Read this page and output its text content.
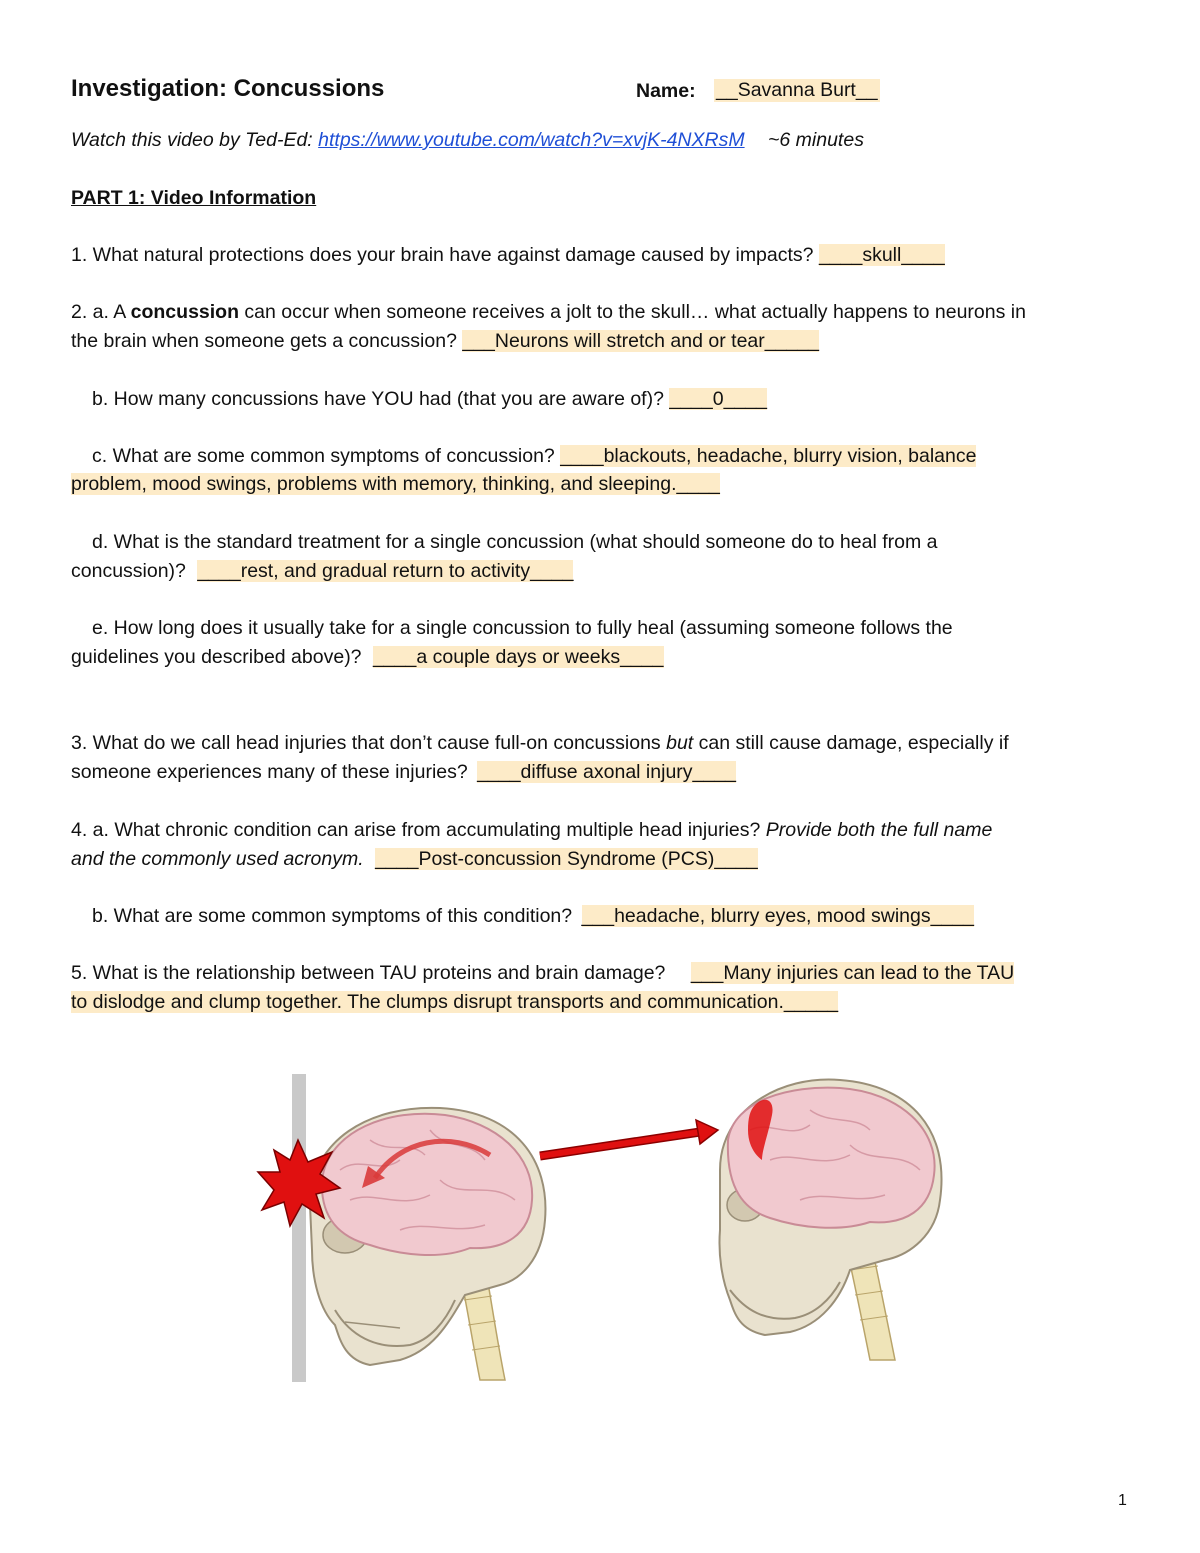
Investigation: Concussions	Name: __Savanna Burt__
Watch this video by Ted-Ed: https://www.youtube.com/watch?v=xvjK-4NXRsM ~6 minutes
PART 1: Video Information
1. What natural protections does your brain have against damage caused by impacts? ____skull____
2. a. A concussion can occur when someone receives a jolt to the skull… what actually happens to neurons in
the brain when someone gets a concussion? ___Neurons will stretch and or tear_____
b. How many concussions have YOU had (that you are aware of)? ____0____
c. What are some common symptoms of concussion? ____blackouts, headache, blurry vision, balance
problem, mood swings, problems with memory, thinking, and sleeping.____
d. What is the standard treatment for a single concussion (what should someone do to heal from a
concussion)? ____rest, and gradual return to activity____
e. How long does it usually take for a single concussion to fully heal (assuming someone follows the
guidelines you described above)? ____a couple days or weeks____
3. What do we call head injuries that don’t cause full-on concussions but can still cause damage, especially if
someone experiences many of these injuries? ____diffuse axonal injury____
4. a. What chronic condition can arise from accumulating multiple head injuries? Provide both the full name
and the commonly used acronym. ____Post-concussion Syndrome (PCS)____
b. What are some common symptoms of this condition? ___headache, blurry eyes, mood swings____
5. What is the relationship between TAU proteins and brain damage? ___Many injuries can lead to the TAU
to dislodge and clump together. The clumps disrupt transports and communication._____
1
